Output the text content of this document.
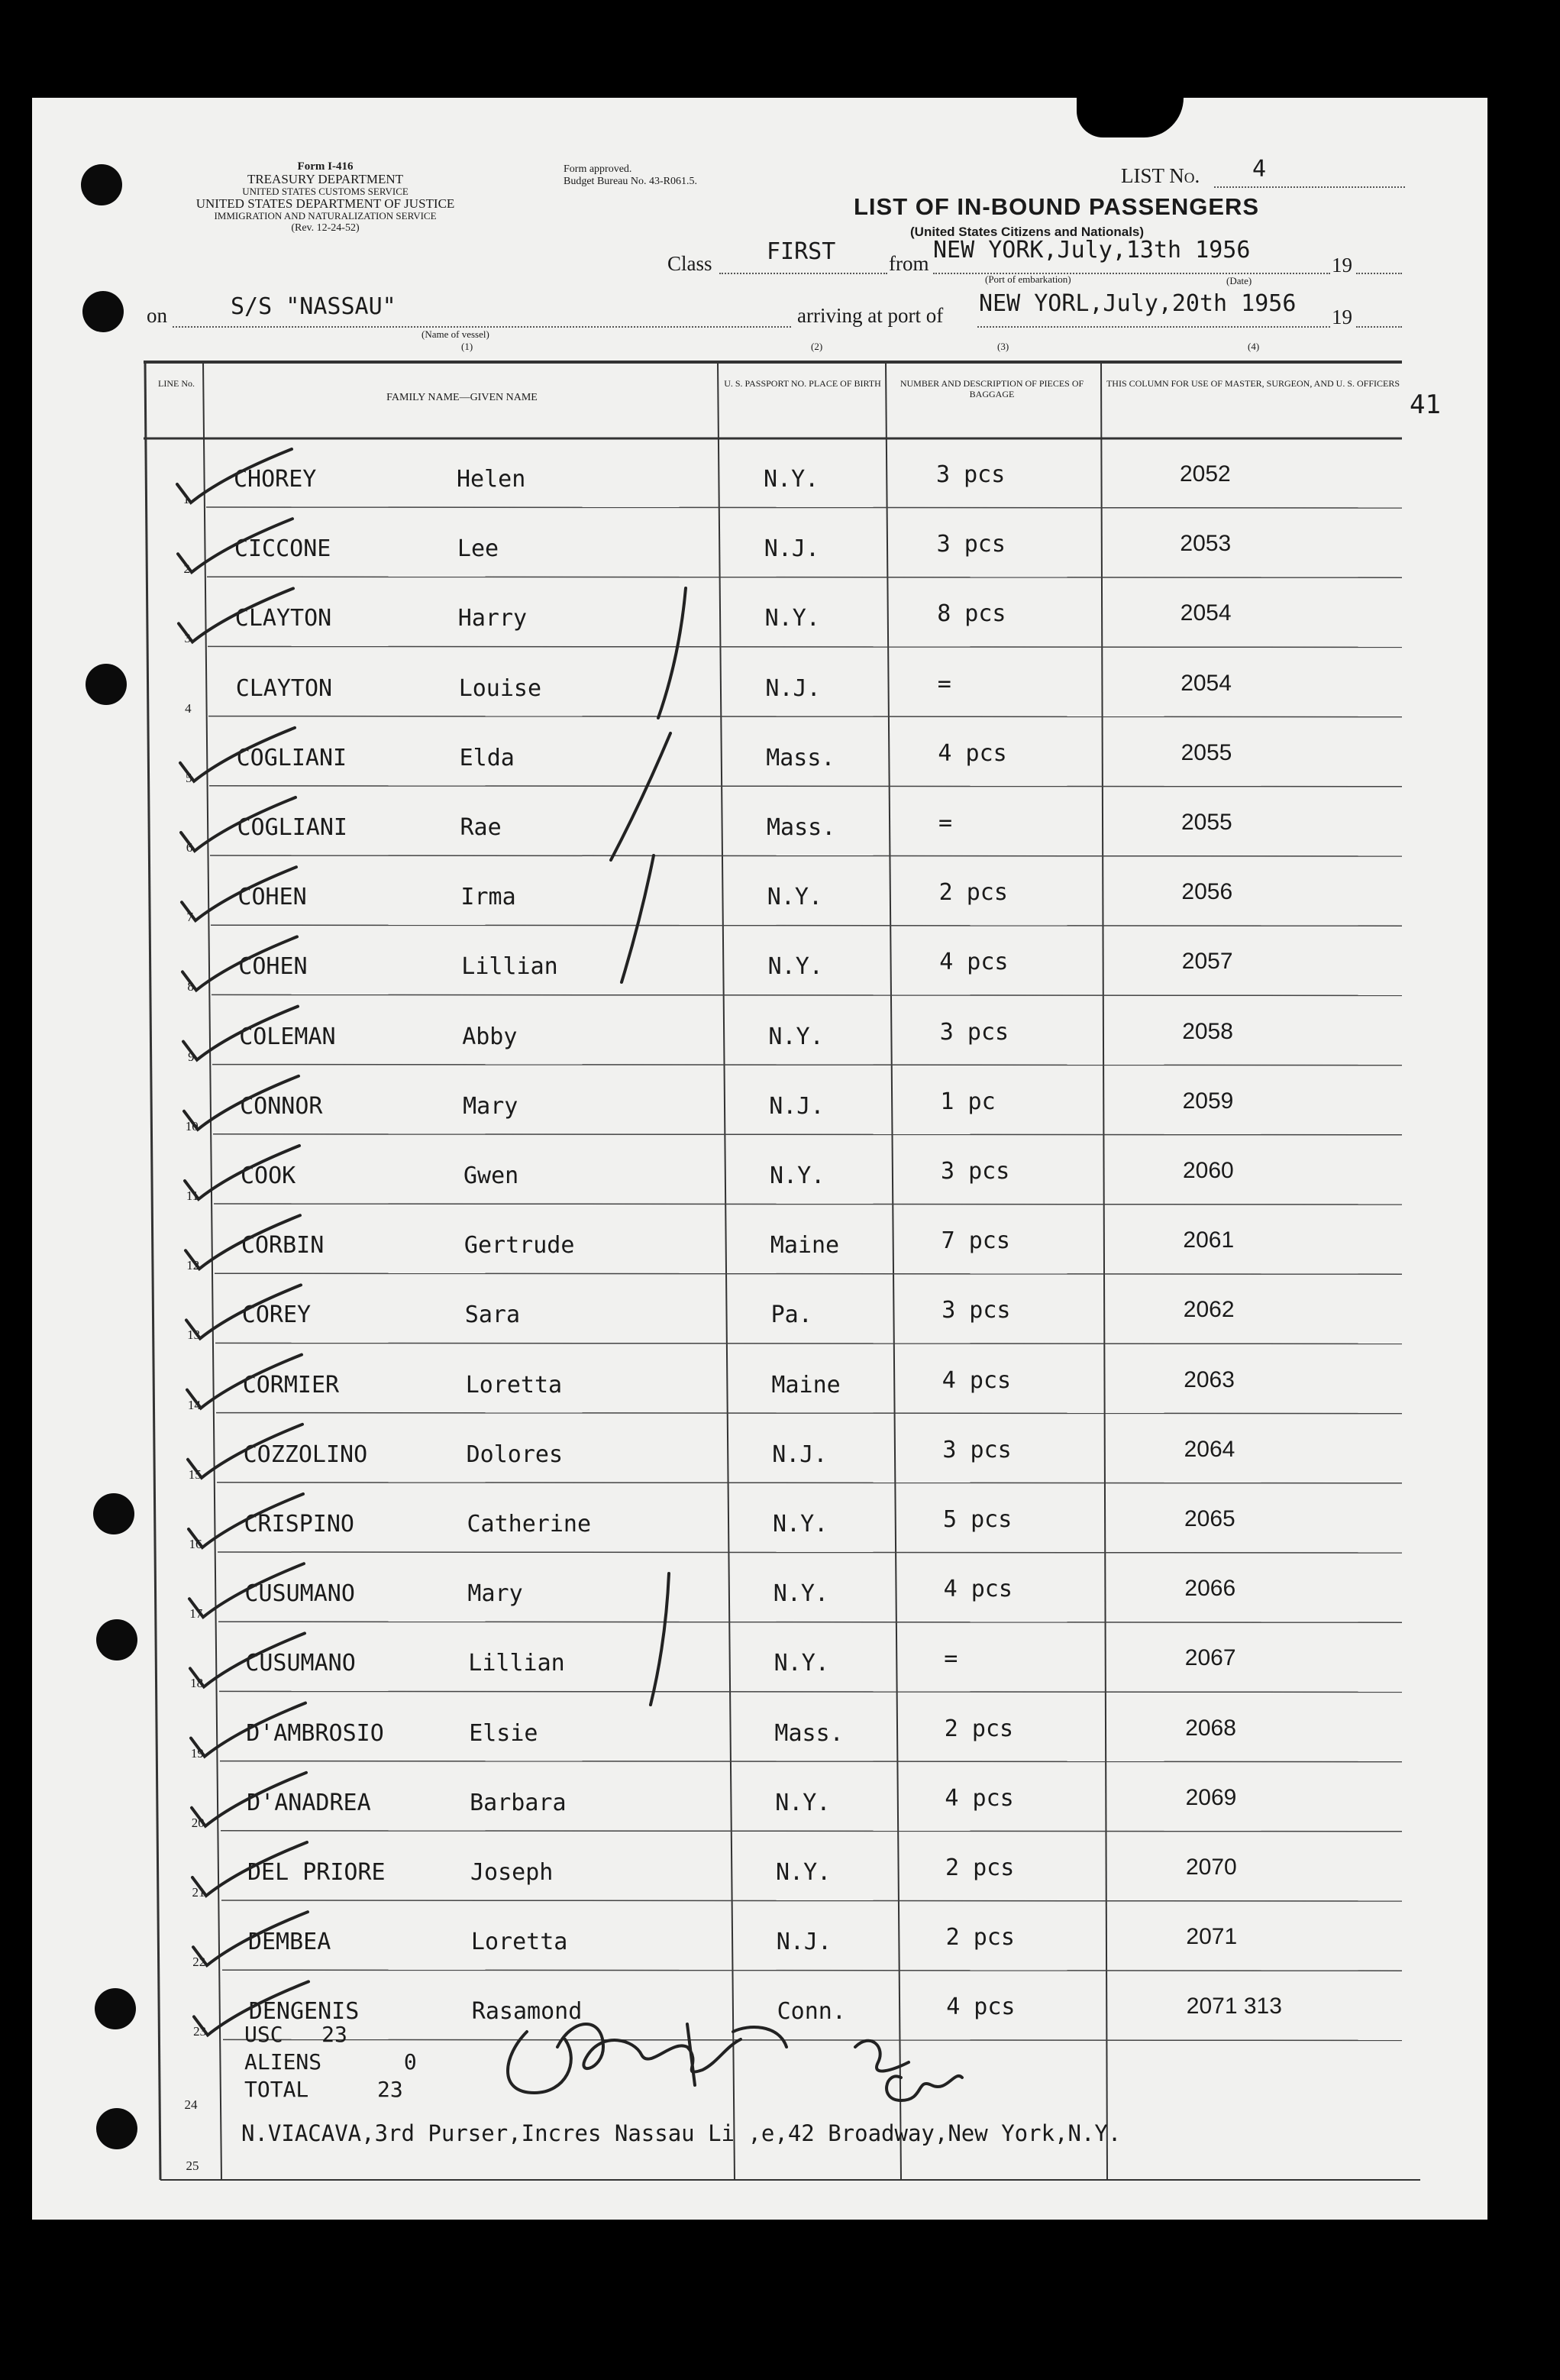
Form I-416
TREASURY DEPARTMENT
UNITED STATES CUSTOMS SERVICE
UNITED STATES DEPARTMENT OF JUSTICE
IMMIGRATION AND NATURALIZATION SERVICE
(Rev. 12-24-52)
Form approved.
Budget Bureau No. 43-R061.5.	LIST No. 4
LIST OF IN-BOUND PASSENGERS
(United States Citizens and Nationals)
Class FIRST	from NEW YORK,July,13th 1956
19
(Port of embarkation)	(Date)
on	S/S "NASSAU"
(Name of vessel)
(1)
arriving at port of NEW YORL,July,20th 1956 19
(2)	(3)	(4)
41
LINE No.
FAMILY NAME—GIVEN NAME
U. S. PASSPORT NO. PLACE OF BIRTH	NUMBER AND DESCRIPTION OF PIECES OF BAGGAGE
THIS COLUMN FOR USE OF MASTER, SURGEON, AND U. S. OFFICERS
1
CHOREY	Helen	N.Y.	3 pcs	2052
2
CICCONE	Lee	N.J.	3 pcs	2053
3
CLAYTON	Harry	N.Y.	8 pcs	2054
4
CLAYTON	Louise	N.J.	=	2054
5
COGLIANI	Elda	Mass.	4 pcs	2055
6
COGLIANI	Rae	Mass.	=	2055
7
COHEN	Irma	N.Y.	2 pcs	2056
8
COHEN	Lillian	N.Y.	4 pcs	2057
9
COLEMAN	Abby	N.Y.	3 pcs	2058
10
CONNOR	Mary	N.J.	1 pc	2059
11
COOK	Gwen	N.Y.	3 pcs	2060
12
CORBIN	Gertrude	Maine	7 pcs	2061
13
COREY	Sara	Pa.	3 pcs	2062
14
CORMIER	Loretta	Maine	4 pcs	2063
15
COZZOLINO	Dolores	N.J.	3 pcs	2064
16
CRISPINO	Catherine	N.Y.	5 pcs	2065
17
CUSUMANO	Mary	N.Y.	4 pcs	2066
18
CUSUMANO	Lillian	N.Y.	=	2067
19
D'AMBROSIO	Elsie	Mass.	2 pcs	2068
20
D'ANADREA	Barbara	N.Y.	4 pcs	2069
21
DEL PRIORE	Joseph	N.Y.	2 pcs	2070
22
DEMBEA	Loretta	N.J.	2 pcs	2071
23
DENGENIS	Rasamond	Conn.	4 pcs	2071 313
USC 23
ALIENS	0
TOTAL	23
24
25
N.VIACAVA,3rd Purser,Incres Nassau Li ,e,42 Broadway,New York,N.Y.
